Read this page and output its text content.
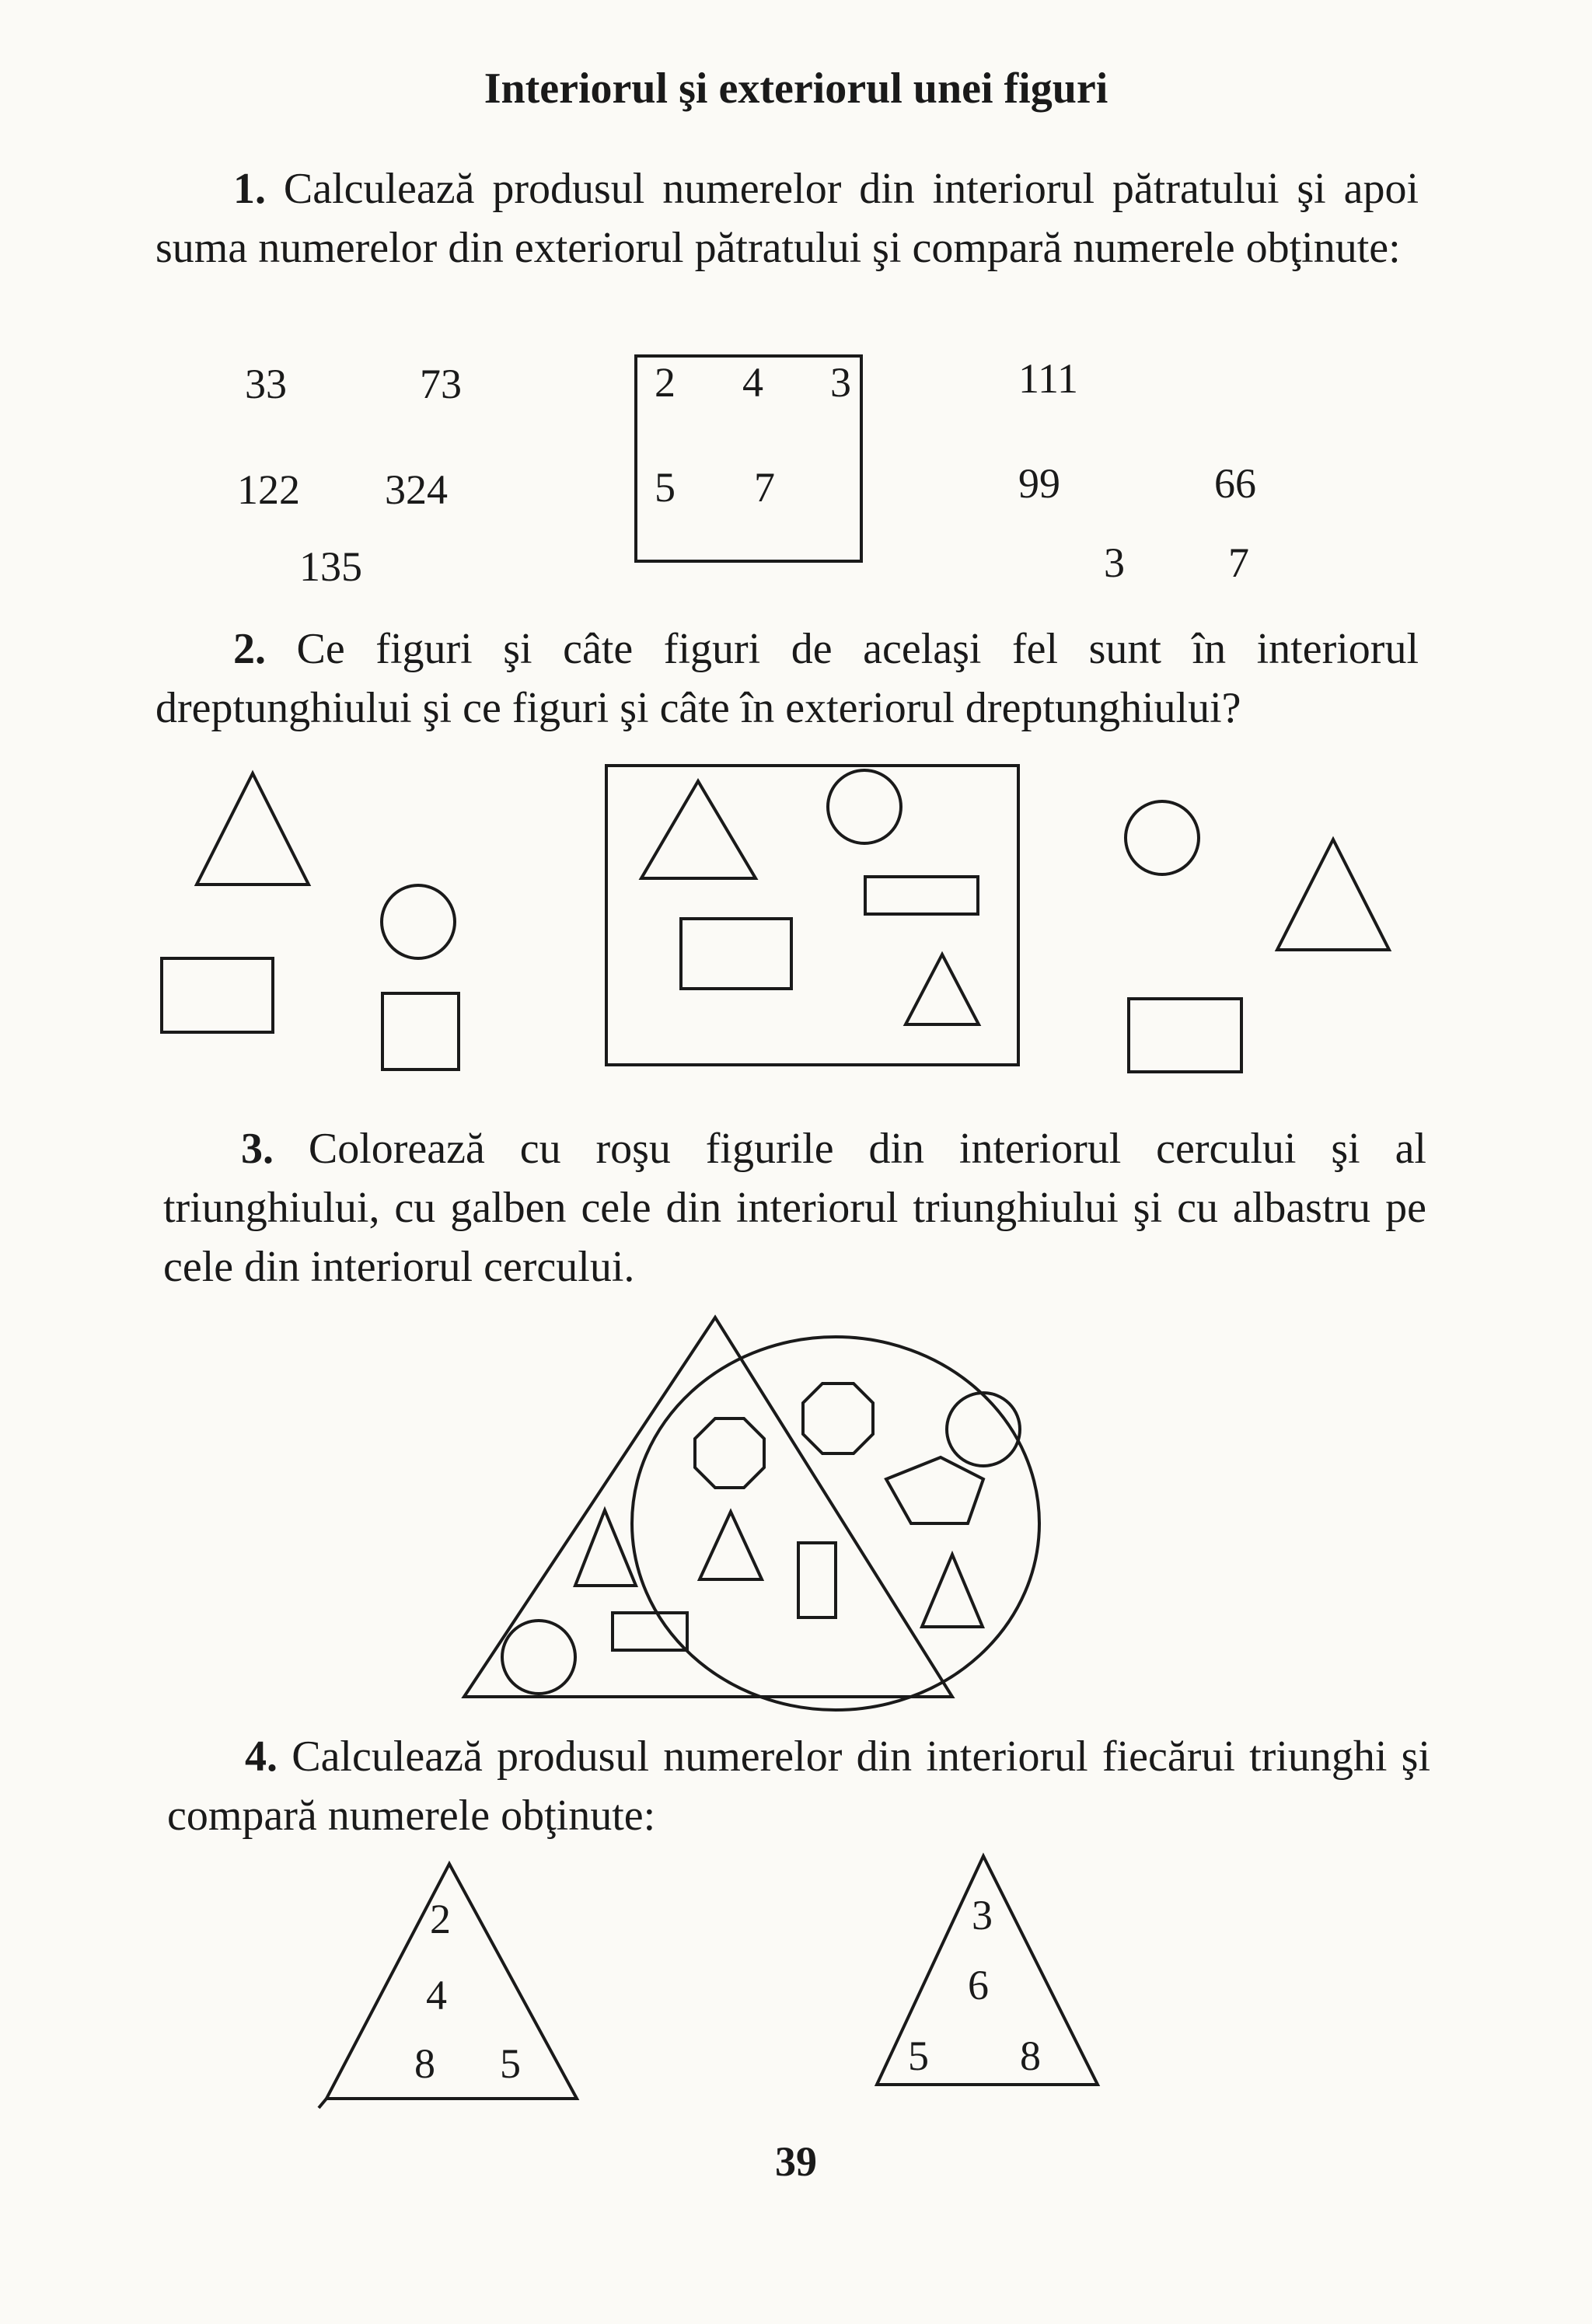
Interiorul şi exteriorul unei figuri
1. Calculează produsul numerelor din interiorul pătratului şi apoi suma numerelor din exteriorul pătratului şi compară numerele obţinute:
2 4 3
5 7
33	73	111
122 324	99	66
135	3 7
2. Ce figuri şi câte figuri de acelaşi fel sunt în interiorul dreptunghiului şi ce figuri şi câte în exteriorul dreptunghiului?
3. Colorează cu roşu figurile din interiorul cercului şi al triunghiului, cu galben cele din interiorul triunghiului şi cu albastru pe cele din interiorul cercului.
4. Calculează produsul numerelor din interiorul fiecărui triunghi şi compară numerele obţinute:
2
4
8 5
3
6
5 8
39
